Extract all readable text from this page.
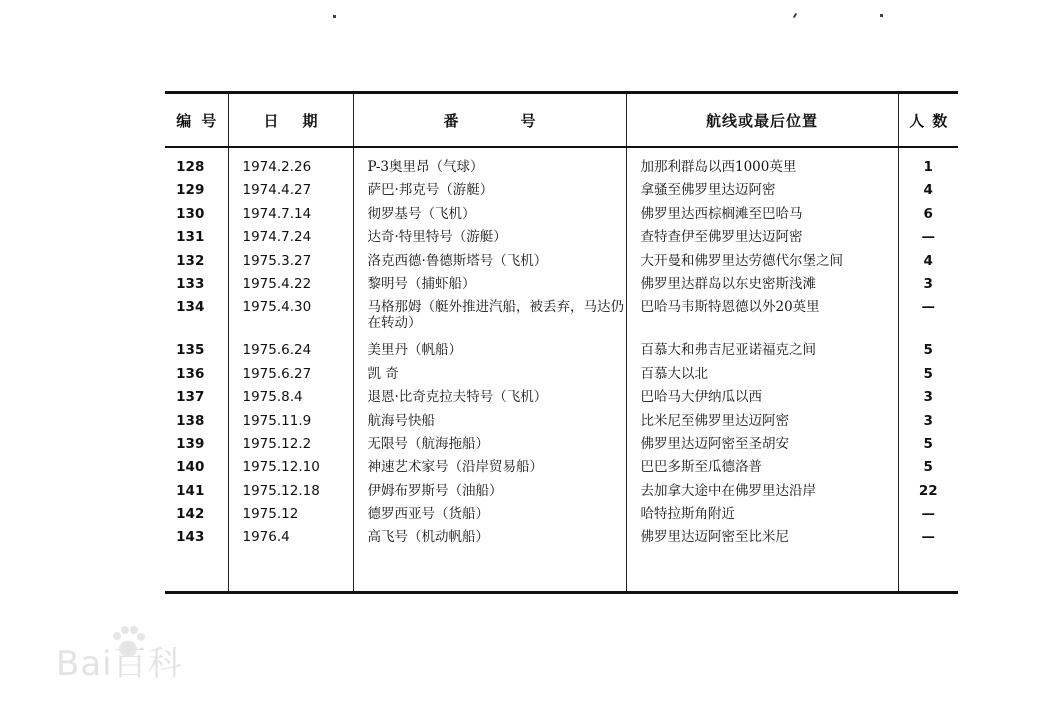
编号	日期	番号	航线或最后位置	人数
128	1974.2.26	P-3奥里昂（气球）	加那利群岛以西1000英里	1
129	1974.4.27	萨巴·邦克号（游艇）	拿骚至佛罗里达迈阿密	4
130	1974.7.14	彻罗基号（飞机）	佛罗里达西棕榈滩至巴哈马	6
131	1974.7.24	达奇·特里特号（游艇）	查特查伊至佛罗里达迈阿密	—
132	1975.3.27	洛克西德·鲁德斯塔号（飞机）	大开曼和佛罗里达劳德代尔堡之间	4
133	1975.4.22	黎明号（捕虾船）	佛罗里达群岛以东史密斯浅滩	3
134	1975.4.30	马格那姆（艇外推进汽船，被丢弃，马达仍在转动）	巴哈马韦斯特恩德以外20英里	—
135	1975.6.24	美里丹（帆船）	百慕大和弗吉尼亚诺福克之间	5
136	1975.6.27	凯 奇	百慕大以北	5
137	1975.8.4	退恩·比奇克拉夫特号（飞机）	巴哈马大伊纳瓜以西	3
138	1975.11.9	航海号快船	比米尼至佛罗里达迈阿密	3
139	1975.12.2	无限号（航海拖船）	佛罗里达迈阿密至圣胡安	5
140	1975.12.10	神速艺术家号（沿岸贸易船）	巴巴多斯至瓜德洛普	5
141	1975.12.18	伊姆布罗斯号（油船）	去加拿大途中在佛罗里达沿岸	22
142	1975.12	德罗西亚号（货船）	哈特拉斯角附近	—
143	1976.4	高飞号（机动帆船）	佛罗里达迈阿密至比米尼	—

Bai百科
